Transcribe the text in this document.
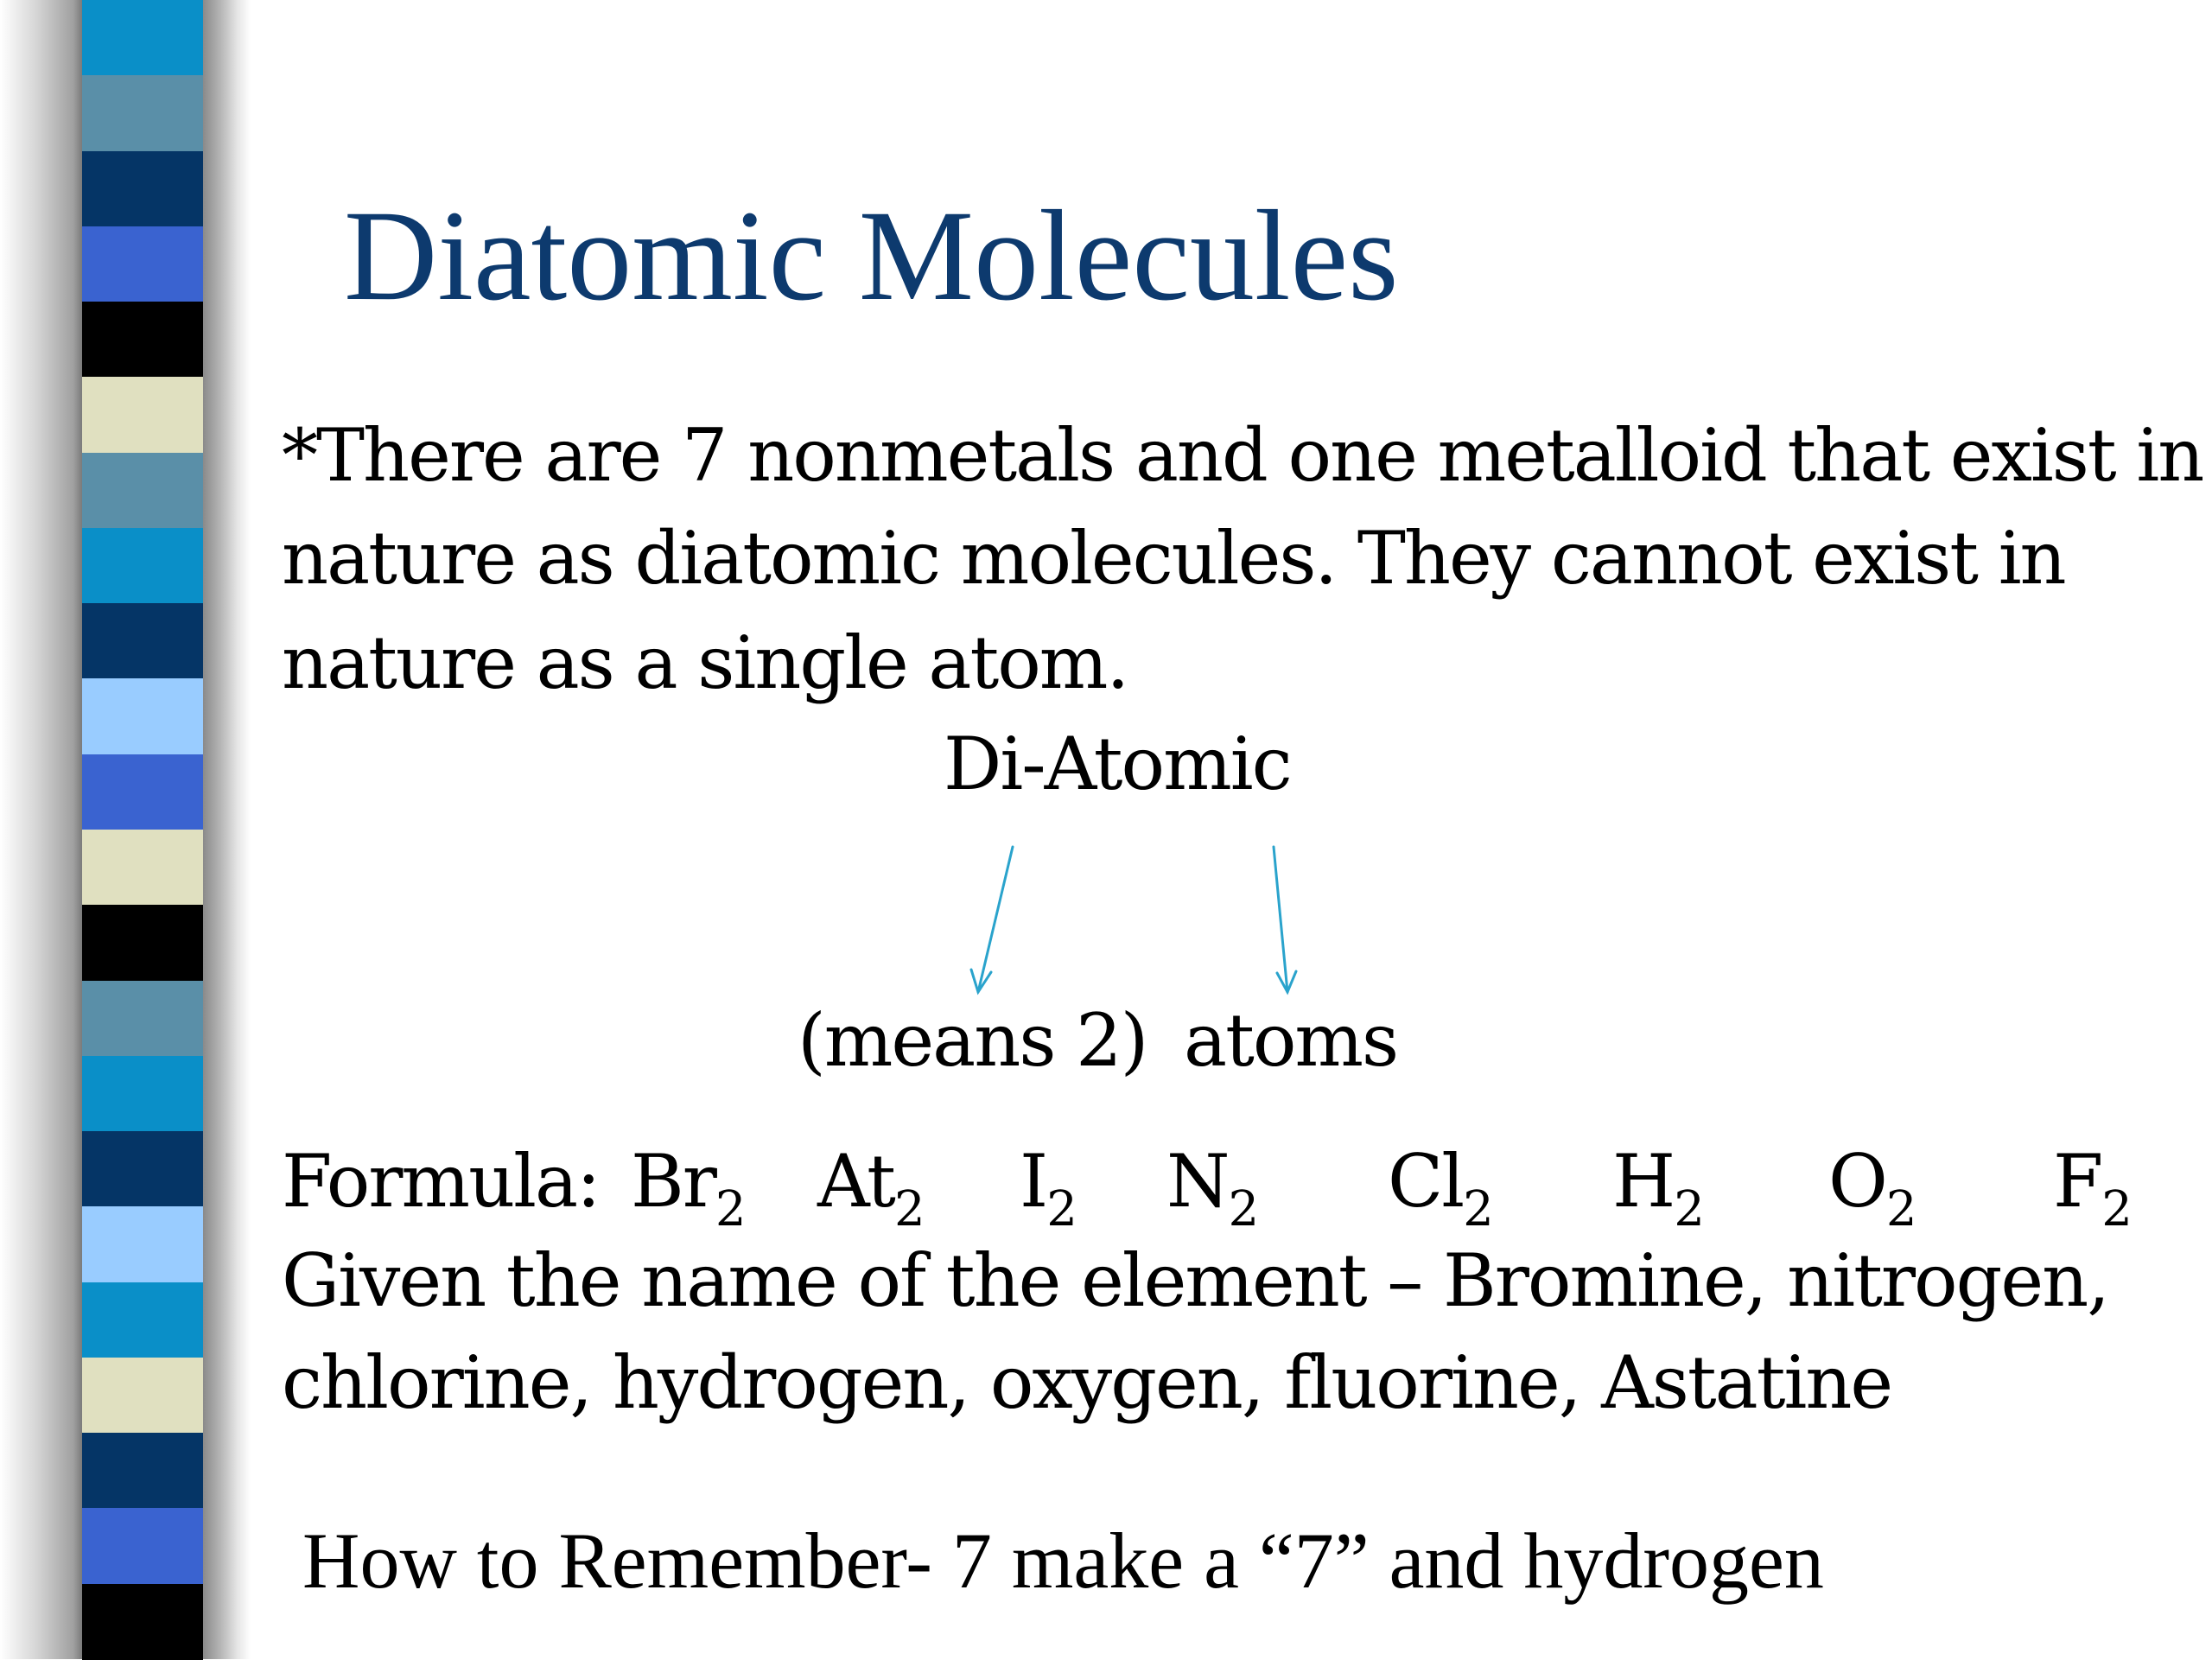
Diatomic Molecules
*There are 7 nonmetals and one metalloid that exist in
nature as diatomic molecules. They cannot exist in
nature as a single atom.
Di-Atomic
(means 2) atoms
Formula: $Br_2$ $At_2$ $I_2$ $N_2$ $Cl_2$ $H_2$ $O_2$ $F_2$
Given the name of the element – Bromine, nitrogen,
chlorine, hydrogen, oxygen, fluorine, Astatine
How to Remember- 7 make a “7” and hydrogen
